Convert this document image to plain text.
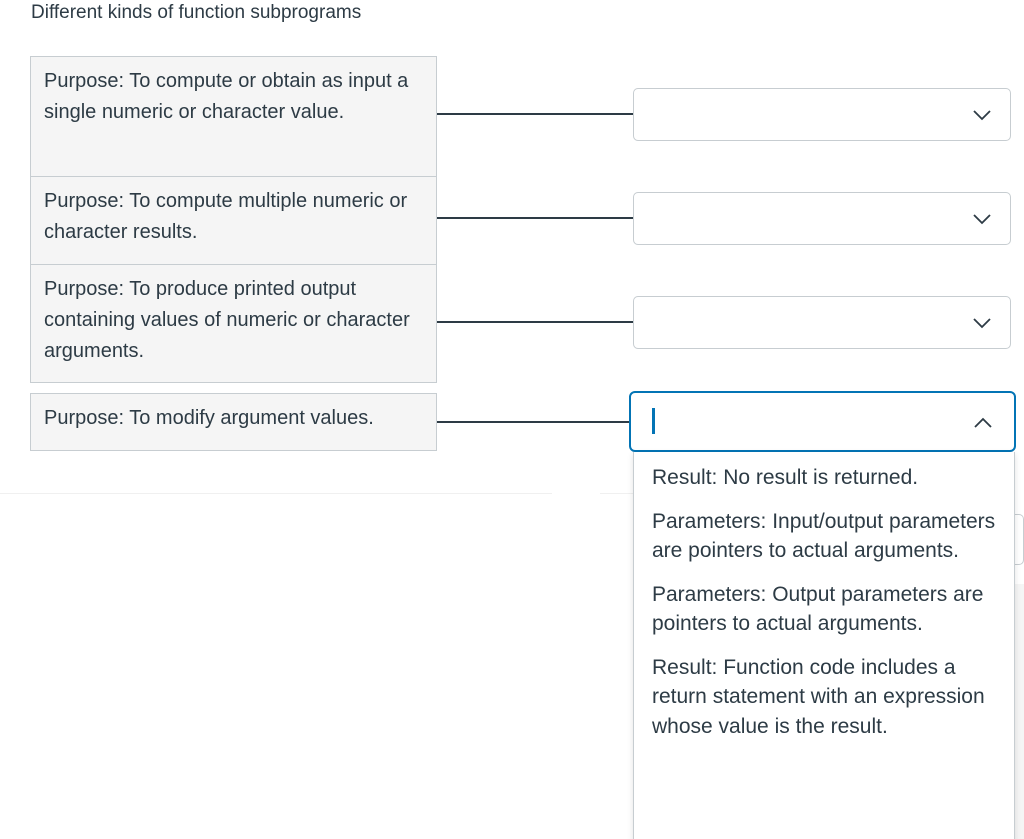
Different kinds of function subprograms
Purpose: To compute or obtain as input a single numeric or character value.
Purpose: To compute multiple numeric or character results.
Purpose: To produce printed output containing values of numeric or character arguments.
Purpose: To modify argument values.
Result: No result is returned.
Parameters: Input/output parameters are pointers to actual arguments.
Parameters: Output parameters are pointers to actual arguments.
Result: Function code includes a return statement with an expression whose value is the result.
